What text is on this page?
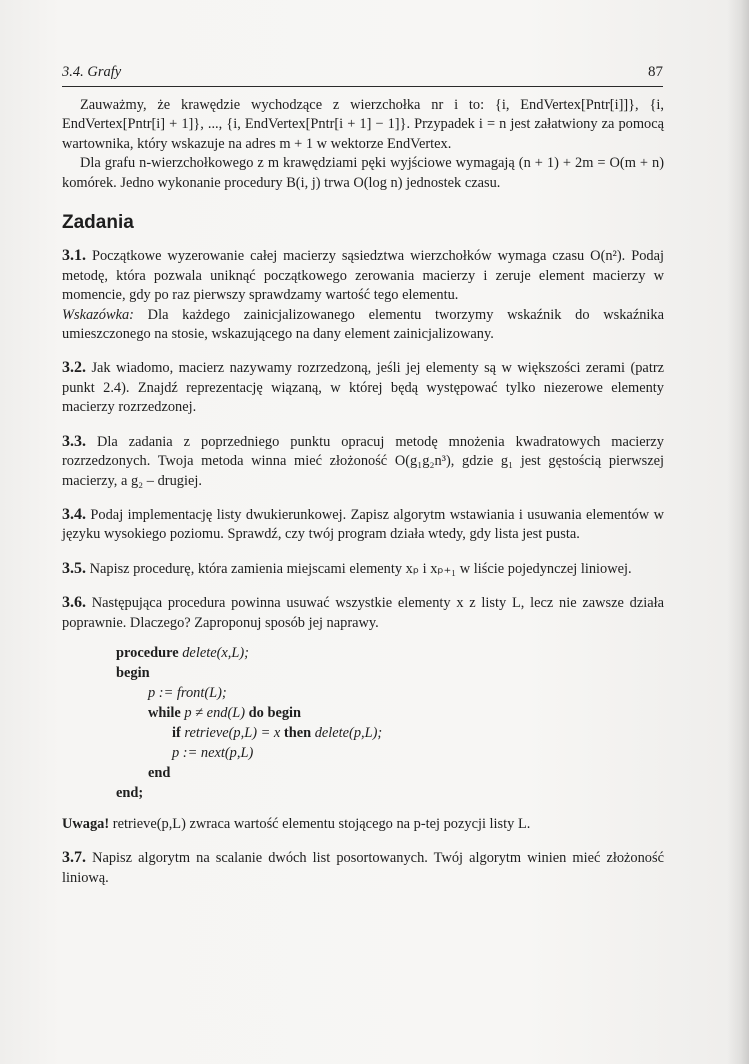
3.4. Grafy	87

Zauważmy, że krawędzie wychodzące z wierzchołka nr i to: {i, EndVertex[Pntr[i]]}, {i, EndVertex[Pntr[i] + 1]}, ..., {i, EndVertex[Pntr[i + 1] − 1]}. Przypadek i = n jest załatwiony za pomocą wartownika, który wskazuje na adres m + 1 w wektorze EndVertex.

Dla grafu n-wierzchołkowego z m krawędziami pęki wyjściowe wymagają (n + 1) + 2m = O(m + n) komórek. Jedno wykonanie procedury B(i, j) trwa O(log n) jednostek czasu.

Zadania

3.1. Początkowe wyzerowanie całej macierzy sąsiedztwa wierzchołków wymaga czasu O(n²). Podaj metodę, która pozwala uniknąć początkowego zerowania macierzy i zeruje element macierzy w momencie, gdy po raz pierwszy sprawdzamy wartość tego elementu.

Wskazówka: Dla każdego zainicjalizowanego elementu tworzymy wskaźnik do wskaźnika umieszczonego na stosie, wskazującego na dany element zainicjalizowany.

3.2. Jak wiadomo, macierz nazywamy rozrzedzoną, jeśli jej elementy są w większości zerami (patrz punkt 2.4). Znajdź reprezentację wiązaną, w której będą występować tylko niezerowe elementy macierzy rozrzedzonej.

3.3. Dla zadania z poprzedniego punktu opracuj metodę mnożenia kwadratowych macierzy rozrzedzonych. Twoja metoda winna mieć złożoność O(g₁g₂n³), gdzie g₁ jest gęstością pierwszej macierzy, a g₂ – drugiej.

3.4. Podaj implementację listy dwukierunkowej. Zapisz algorytm wstawiania i usuwania elementów w języku wysokiego poziomu. Sprawdź, czy twój program działa wtedy, gdy lista jest pusta.

3.5. Napisz procedurę, która zamienia miejscami elementy xₚ i xₚ₊₁ w liście pojedynczej liniowej.

3.6. Następująca procedura powinna usuwać wszystkie elementy x z listy L, lecz nie zawsze działa poprawnie. Dlaczego? Zaproponuj sposób jej naprawy.

procedure delete(x,L);
begin
p := front(L);
while p ≠ end(L) do begin
if retrieve(p,L) = x then delete(p,L);
p := next(p,L)
end
end;

Uwaga! retrieve(p,L) zwraca wartość elementu stojącego na p-tej pozycji listy L.

3.7. Napisz algorytm na scalanie dwóch list posortowanych. Twój algorytm winien mieć złożoność liniową.
